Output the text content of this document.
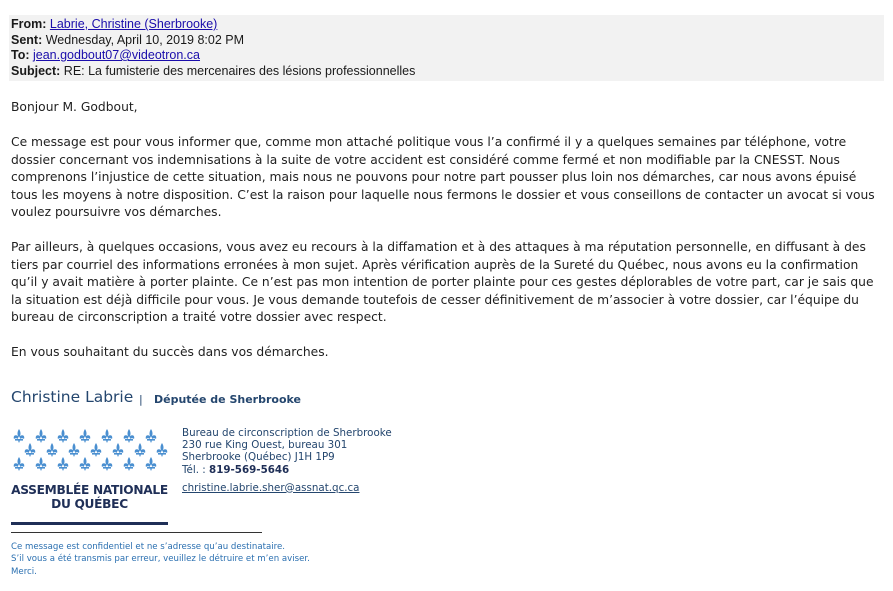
From: Labrie, Christine (Sherbrooke)
Sent: Wednesday, April 10, 2019 8:02 PM
To: jean.godbout07@videotron.ca
Subject: RE: La fumisterie des mercenaires des lésions professionnelles

Bonjour M. Godbout,

Ce message est pour vous informer que, comme mon attaché politique vous l’a confirmé il y a quelques semaines par téléphone, votre dossier concernant vos indemnisations à la suite de votre accident est considéré comme fermé et non modifiable par la CNESST. Nous comprenons l’injustice de cette situation, mais nous ne pouvons pour notre part pousser plus loin nos démarches, car nous avons épuisé tous les moyens à notre disposition. C’est la raison pour laquelle nous fermons le dossier et vous conseillons de contacter un avocat si vous voulez poursuivre vos démarches.

Par ailleurs, à quelques occasions, vous avez eu recours à la diffamation et à des attaques à ma réputation personnelle, en diffusant à des tiers par courriel des informations erronées à mon sujet. Après vérification auprès de la Sureté du Québec, nous avons eu la confirmation qu’il y avait matière à porter plainte. Ce n’est pas mon intention de porter plainte pour ces gestes déplorables de votre part, car je sais que la situation est déjà difficile pour vous. Je vous demande toutefois de cesser définitivement de m’associer à votre dossier, car l’équipe du bureau de circonscription a traité votre dossier avec respect.

En vous souhaitant du succès dans vos démarches.

Christine Labrie | Députée de Sherbrooke
ASSEMBLÉE NATIONALE
DU QUÉBEC
Bureau de circonscription de Sherbrooke
230 rue King Ouest, bureau 301
Sherbrooke (Québec) J1H 1P9
Tél. : 819-569-5646
christine.labrie.sher@assnat.qc.ca
Ce message est confidentiel et ne s’adresse qu’au destinataire.
S’il vous a été transmis par erreur, veuillez le détruire et m’en aviser.
Merci.
